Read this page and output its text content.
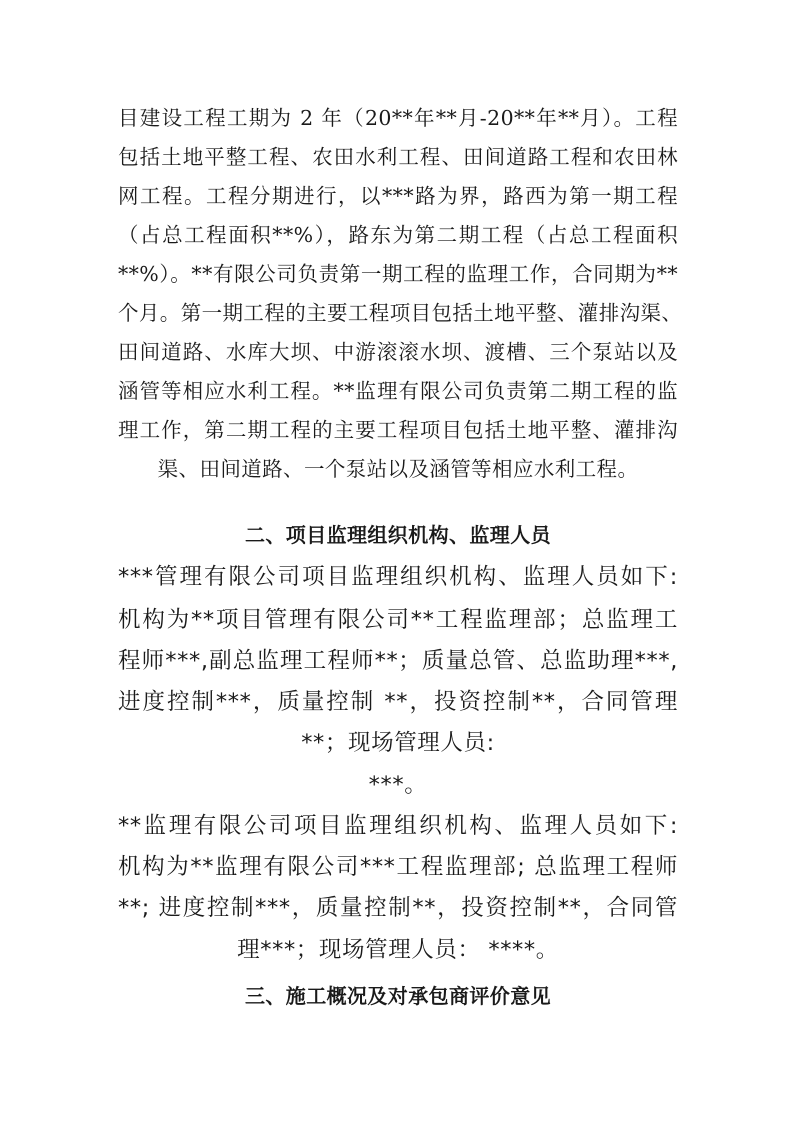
目建设工程工期为 2 年（20**年**月-20**年**月）。工程
包括土地平整工程、农田水利工程、田间道路工程和农田林
网工程。工程分期进行，以***路为界，路西为第一期工程
（占总工程面积**%），路东为第二期工程（占总工程面积
**%）。**有限公司负责第一期工程的监理工作，合同期为**
个月。第一期工程的主要工程项目包括土地平整、灌排沟渠、
田间道路、水库大坝、中游滚滚水坝、渡槽、三个泵站以及
涵管等相应水利工程。**监理有限公司负责第二期工程的监
理工作，第二期工程的主要工程项目包括土地平整、灌排沟
渠、田间道路、一个泵站以及涵管等相应水利工程。
二、项目监理组织机构、监理人员
***管理有限公司项目监理组织机构、监理人员如下:
机构为**项目管理有限公司**工程监理部；总监理工
程师***,副总监理工程师**；质量总管、总监助理***,
进度控制***，质量控制 **，投资控制**，合同管理
**；现场管理人员:
***。
**监理有限公司项目监理组织机构、监理人员如下:
机构为**监理有限公司***工程监理部; 总监理工程师
**; 进度控制***，质量控制**，投资控制**，合同管
理***；现场管理人员： ****。
三、施工概况及对承包商评价意见
